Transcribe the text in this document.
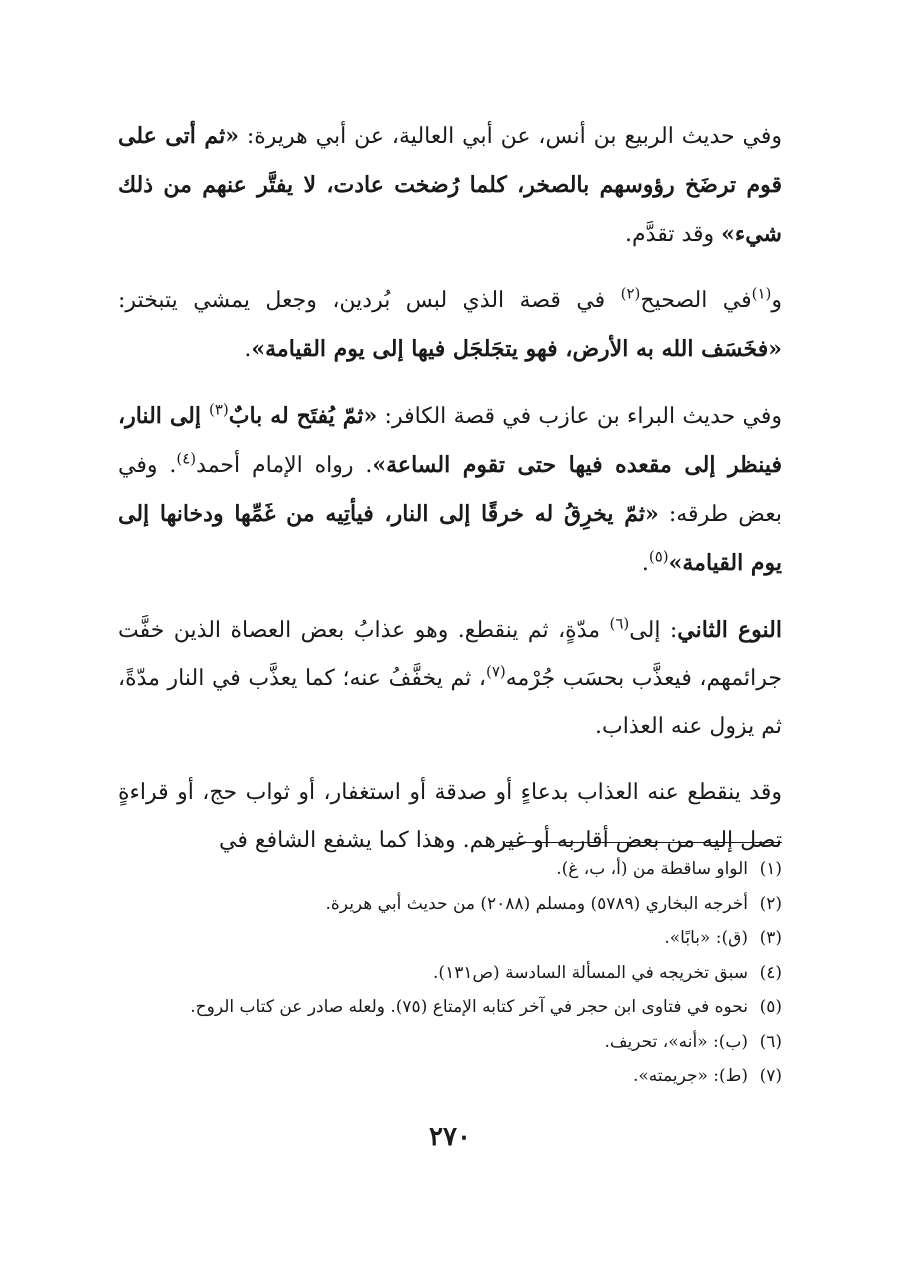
وفي حديث الربيع بن أنس، عن أبي العالية، عن أبي هريرة: «ثم أتى على قوم ترضَخ رؤوسهم بالصخر، كلما رُضخت عادت، لا يفتَّر عنهم من ذلك شيء» وقد تقدَّم.

و$^{(١)}$في الصحيح$^{(٢)}$ في قصة الذي لبس بُردين، وجعل يمشي يتبختر: «فخَسَف الله به الأرض، فهو يتجَلجَل فيها إلى يوم القيامة».

وفي حديث البراء بن عازب في قصة الكافر: «ثمّ يُفتَح له بابٌ$^{(٣)}$ إلى النار، فينظر إلى مقعده فيها حتى تقوم الساعة». رواه الإمام أحمد$^{(٤)}$. وفي بعض طرقه: «ثمّ يخرِقُ له خرقًا إلى النار، فيأتِيه من غَمِّها ودخانها إلى يوم القيامة»$^{(٥)}$.

النوع الثاني: إلى$^{(٦)}$ مدّةٍ، ثم ينقطع. وهو عذابُ بعض العصاة الذين خفَّت جرائمهم، فيعذَّب بحسَب جُرْمه$^{(٧)}$، ثم يخفَّفُ عنه؛ كما يعذَّب في النار مدّةً، ثم يزول عنه العذاب.

وقد ينقطع عنه العذاب بدعاءٍ أو صدقة أو استغفار، أو ثواب حج، أو قراءةٍ تصل إليه من بعض أقاربه أو غيرهم. وهذا كما يشفع الشافع في

(١)الواو ساقطة من (أ، ب، غ).
(٢)أخرجه البخاري (٥٧٨٩) ومسلم (٢٠٨٨) من حديث أبي هريرة.
(٣)(ق): «بابًا».
(٤)سبق تخريجه في المسألة السادسة (ص١٣١).
(٥)نحوه في فتاوى ابن حجر في آخر كتابه الإمتاع (٧٥). ولعله صادر عن كتاب الروح.
(٦)(ب): «أنه»، تحريف.
(٧)(ط): «جريمته».
٢٧٠
